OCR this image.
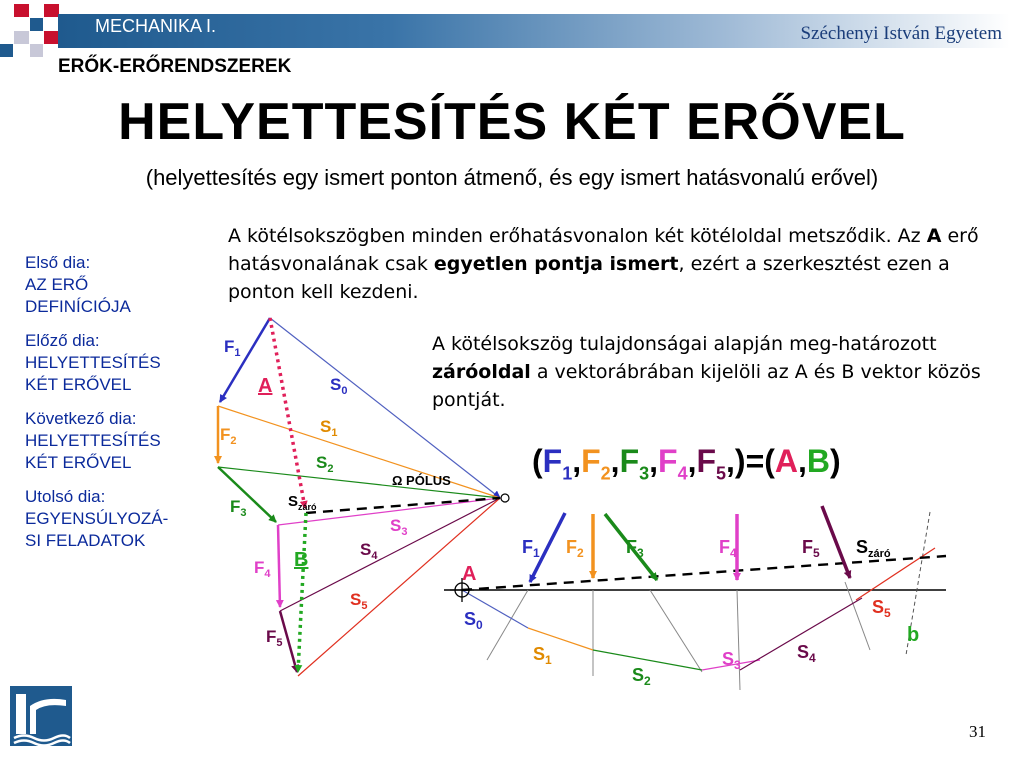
MECHANIKA I.	Széchenyi István Egyetem
ERŐK-ERŐRENDSZEREK
HELYETTESÍTÉS KÉT ERŐVEL
(helyettesítés egy ismert ponton átmenő, és egy ismert hatásvonalú erővel)
Első dia:
AZ ERŐ
DEFINÍCIÓJA
Előző dia:
HELYETTESÍTÉS
KÉT ERŐVEL
Következő dia:
HELYETTESÍTÉS
KÉT ERŐVEL
Utolsó dia:
EGYENSÚLYOZÁ-
SI FELADATOK
A kötélsokszögben minden erőhatásvonalon két kötéloldal metsződik. Az A erő hatásvonalának csak egyetlen pontja ismert, ezért a szerkesztést ezen a ponton kell kezdeni.
A kötélsokszög tulajdonságai alapján meg-határozott záróoldal a vektorábrában kijelöli az A és B vektor közös pontját.
$(F_1,F_2,F_3,F_4,F_5,)=(A,B)$
$F_1$
$F_2$
$F_3$
$F_4$
$F_5$
A
B
$S_0$
$S_1$
$S_2$
$S_{záró}$
$S_3$
$S_4$
$S_5$
Ω PÓLUS
$F_1$ $F_2$ $F_3$	$F_4$	$F_5$ $S_{záró}$
A
b
$S_0$
$S_1$
$S_2$
$S_3$
$S_4$
$S_5$
31
